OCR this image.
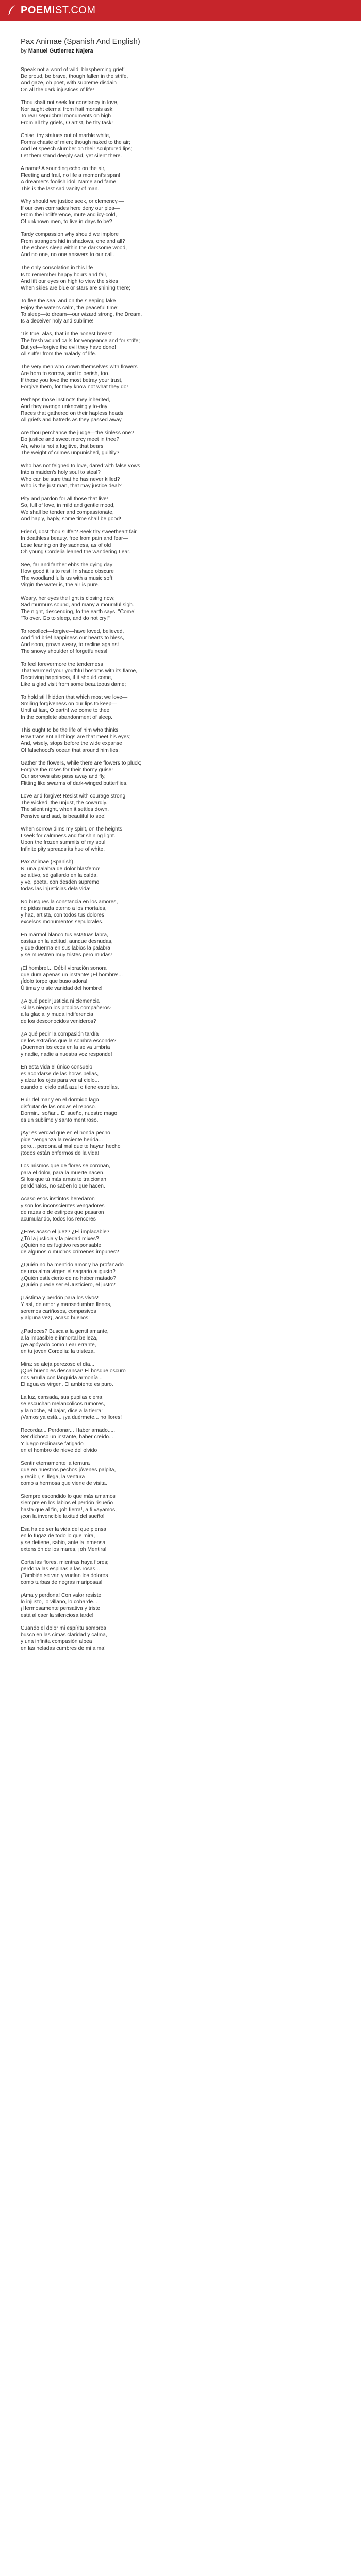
POEMIST.COM
Pax Animae (Spanish And English)
by Manuel Gutierrez Najera
Speak not a word of wild, blaspheming grief!
Be proud, be brave, though fallen in the strife,
And gaze, oh poet, with supreme disdain
On all the dark injustices of life!
Thou shalt not seek for constancy in love,
Nor aught eternal from frail mortals ask;
To rear sepulchral monuments on high
From all thy griefs, O artist, be thy task!
Chisel thy statues out of marble white,
Forms chaste of mien; though naked to the air;
And let speech slumber on their sculptured lips;
Let them stand deeply sad, yet silent there.
A name! A sounding echo on the air,
Fleeting and frail, no life a moment's span!
A dreamer's foolish idol! Name and fame!
This is the last sad vanity of man.
Why should we justice seek, or clemency,—
If our own comrades here deny our plea—
From the indifference, mute and icy-cold,
Of unknown men, to live in days to be?
Tardy compassion why should we implore
From strangers hid in shadows, one and all?
The echoes sleep within the darksome wood,
And no one, no one answers to our call.
The only consolation in this life
Is to remember happy hours and fair,
And lift our eyes on high to view the skies
When skies are blue or stars are shining there;
To flee the sea, and on the sleeping lake
Enjoy the water's calm, the peaceful time;
To sleep—to dream—our wizard strong, the Dream,
Is a deceiver holy and sublime!
'Tis true, alas, that in the honest breast
The fresh wound calls for vengeance and for strife;
But yet—forgive the evil they have done!
All suffer from the malady of life.
The very men who crown themselves with flowers
Are born to sorrow, and to perish, too.
If those you love the most betray your trust,
Forgive them, for they know not what they do!
Perhaps those instincts they inherited,
And they avenge unknowingly to-day
Races that gathered on their hapless heads
All griefs and hatreds as they passed away.
Are thou perchance the judge—the sinless one?
Do justice and sweet mercy meet in thee?
Ah, who is not a fugitive, that bears
The weight of crimes unpunished, guiltily?
Who has not feigned to love, dared with false vows
Into a maiden's holy soul to steal?
Who can be sure that he has never killed?
Who is the just man, that may justice deal?
Pity and pardon for all those that live!
So, full of love, in mild and gentle mood,
We shall be tender and compassionate,
And haply, haply, some time shall be good!
Friend, dost thou suffer? Seek thy sweetheart fair
In deathless beauty, free from pain and fear—
Lose leaning on thy sadness, as of old
Oh young Cordelia leaned the wandering Lear.
See, far and farther ebbs the dying day!
How good it is to rest! In shade obscure
The woodland lulls us with a music soft;
Virgin the water is, the air is pure.
Weary, her eyes the light is closing now;
Sad murmurs sound, and many a mournful sigh.
The night, descending, to the earth says, "Come!
"To over. Go to sleep, and do not cry!"
To recollect—forgive—have loved, believed,
And find brief happiness our hearts to bless,
And soon, grown weary, to recline against
The snowy shoulder of forgetfulness!
To feel forevermore the tenderness
That warmed your youthful bosoms with its flame,
Receiving happiness, if it should come,
Like a glad visit from some beauteous dame;
To hold still hidden that which most we love—
Smiling forgiveness on our lips to keep—
Until at last, O earth! we come to thee
In the complete abandonment of sleep.
This ought to be the life of him who thinks
How transient all things are that meet his eyes;
And, wisely, stops before the wide expanse
Of falsehood's ocean that around him lies.
Gather the flowers, while there are flowers to pluck;
Forgive the roses for their thorny guise!
Our sorrows also pass away and fly,
Flitting like swarms of dark-winged butterflies.
Love and forgive! Resist with courage strong
The wicked, the unjust, the cowardly.
The silent night, when it settles down,
Pensive and sad, is beautiful to see!
When sorrow dims my spirit, on the heights
I seek for calmness and for shining light.
Upon the frozen summits of my soul
Infinite pity spreads its hue of white.
Pax Animae (Spanish)
Ni una palabra de dolor blasfemo!
se altivo, sé gallardo en la caída,
y ve, poeta, con desdén supremo
todas las injusticias dela vida!
No busques la constancia en los amores,
no pidas nada eterno a los mortales,
y haz, artista, con todos tus dolores
excelsos monumentos sepulcrales.
En mármol blanco tus estatuas labra,
castas en la actitud, aunque desnudas,
y que duerma en sus labios la palabra
y se muestren muy tristes pero mudas!
¡El hombre!... Débil vibración sonora
que dura apenas un instante! ¡El hombre!...
¡Ídolo torpe que buso adora!
Última y triste vanidad del hombre!
¿A qué pedir justicia ni clemencia
-si las niegan los propios compañeros-
a la glacial y muda indiferencia
de los desconocidos venideros?
¿A qué pedir la compasión tardía
de los extraños que la sombra esconde?
¡Duermen los ecos en la selva umbría
y nadie, nadie a nuestra voz responde!
En esta vida el único consuelo
es acordarse de las horas bellas,
y alzar los ojos para ver al cielo...
cuando el cielo está azul o tiene estrellas.
Huir del mar y en el dormido lago
disfrutar de las ondas el reposo.
Dormir... soñar... El sueño, nuestro mago
es un sublime y santo mentiroso.
¡Ay! es verdad que en el honda pecho
pide 'venganza la reciente herida...
pero... perdona al mal que te hayan hecho
¡todos están enfermos de la vida!
Los mismos que de flores se coronan,
para el dolor, para la muerte nacen.
Si los que tú más amas te traicionan
perdónalos, no saben lo que hacen.
Acaso esos instintos heredaron
y son los inconscientes vengadores
de razas o de estirpes que pasaron
acumulando, todos los rencores
¿Eres acaso el juez? ¿El implacable?
¿Tú la justicia y la piedad mixes?
¿Quién no es fugitivo responsable
de algunos o muchos crímenes impunes?
¿Quién no ha mentido amor y ha profanado
de una alma virgen el sagrario augusto?
¿Quién está cierto de no haber matado?
¿Quién puede ser el Justiciero, el justo?
¡Lástima y perdón para los vivos!
Y así, de amor y mansedumbre llenos,
seremos cariñosos, compasivos
y alguna vez¡, acaso buenos!
¿Padeces? Busca a la gentil amante,
a la impasible e inmortal belleza,
¡ye apóyado como Lear errante,
en tu joven Cordelia: la tristeza.
Mira: se aleja perezoso el día...
¡Qué bueno es descansar! El bosque oscuro
nos arrulla con lánguida armonía...
El agua es virgen. El ambiente es puro.
La luz, cansada, sus pupilas cierra;
se escuchan melancólicos rumores,
y la noche, al bajar, dice a la tierra:
¡Vamos ya está... ¡ya duérmete... no llores!
Recordar... Perdonar... Haber amado.....
Ser dichoso un instante, haber creído...
Y luego reclinarse fatigado
en el hombro de nieve del olvido
Sentir eternamente la ternura
que en nuestros pechos jóvenes palpita,
y recibir, si llega, la ventura
como a hermosa que viene de visita.
Siempre escondido lo que más amamos
siempre en los labios el perdón risueño
hasta que al fin, ¡oh tierra!, a ti vayamos,
¡con la invencible laxitud del sueño!
Esa ha de ser la vida del que piensa
en lo fugaz de todo lo que mira,
y se detiene, sabio, ante la inmensa
extensión de los mares, ¡oh Mentira!
Corta las flores, mientras haya flores;
perdona las espinas a las rosas...
¡También se van y vuelan los dolores
como turbas de negras mariposas!
¡Ama y perdona! Con valor resiste
lo injusto, lo villano, lo cobarde...
¡Hermosamente pensativa y triste
está al caer la silenciosa tarde!
Cuando el dolor mi espíritu sombrea
busco en las cimas claridad y calma,
y una infinita compasión albea
en las heladas cumbres de mi alma!
